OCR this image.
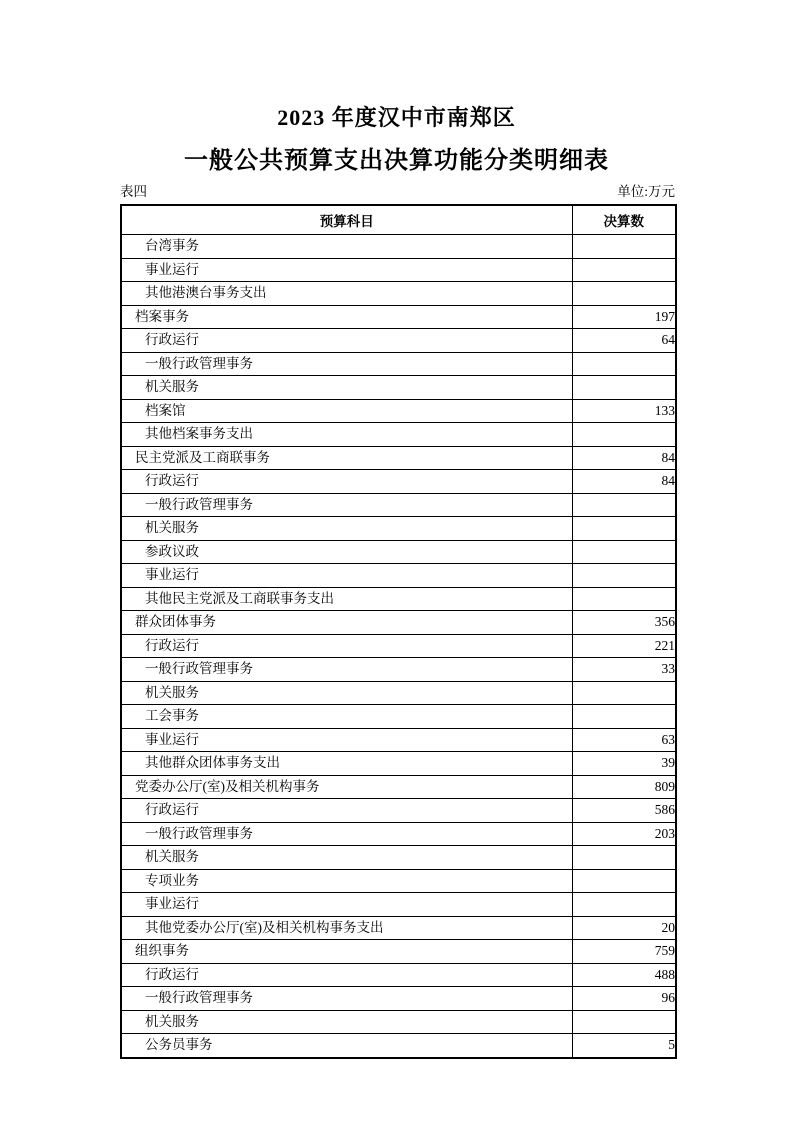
2023 年度汉中市南郑区
一般公共预算支出决算功能分类明细表
表四	单位:万元
预算科目	决算数
台湾事务	
事业运行	
其他港澳台事务支出	
档案事务	197
行政运行	64
一般行政管理事务	
机关服务	
档案馆	133
其他档案事务支出	
民主党派及工商联事务	84
行政运行	84
一般行政管理事务	
机关服务	
参政议政	
事业运行	
其他民主党派及工商联事务支出	
群众团体事务	356
行政运行	221
一般行政管理事务	33
机关服务	
工会事务	
事业运行	63
其他群众团体事务支出	39
党委办公厅(室)及相关机构事务	809
行政运行	586
一般行政管理事务	203
机关服务	
专项业务	
事业运行	
其他党委办公厅(室)及相关机构事务支出	20
组织事务	759
行政运行	488
一般行政管理事务	96
机关服务	
公务员事务	5
